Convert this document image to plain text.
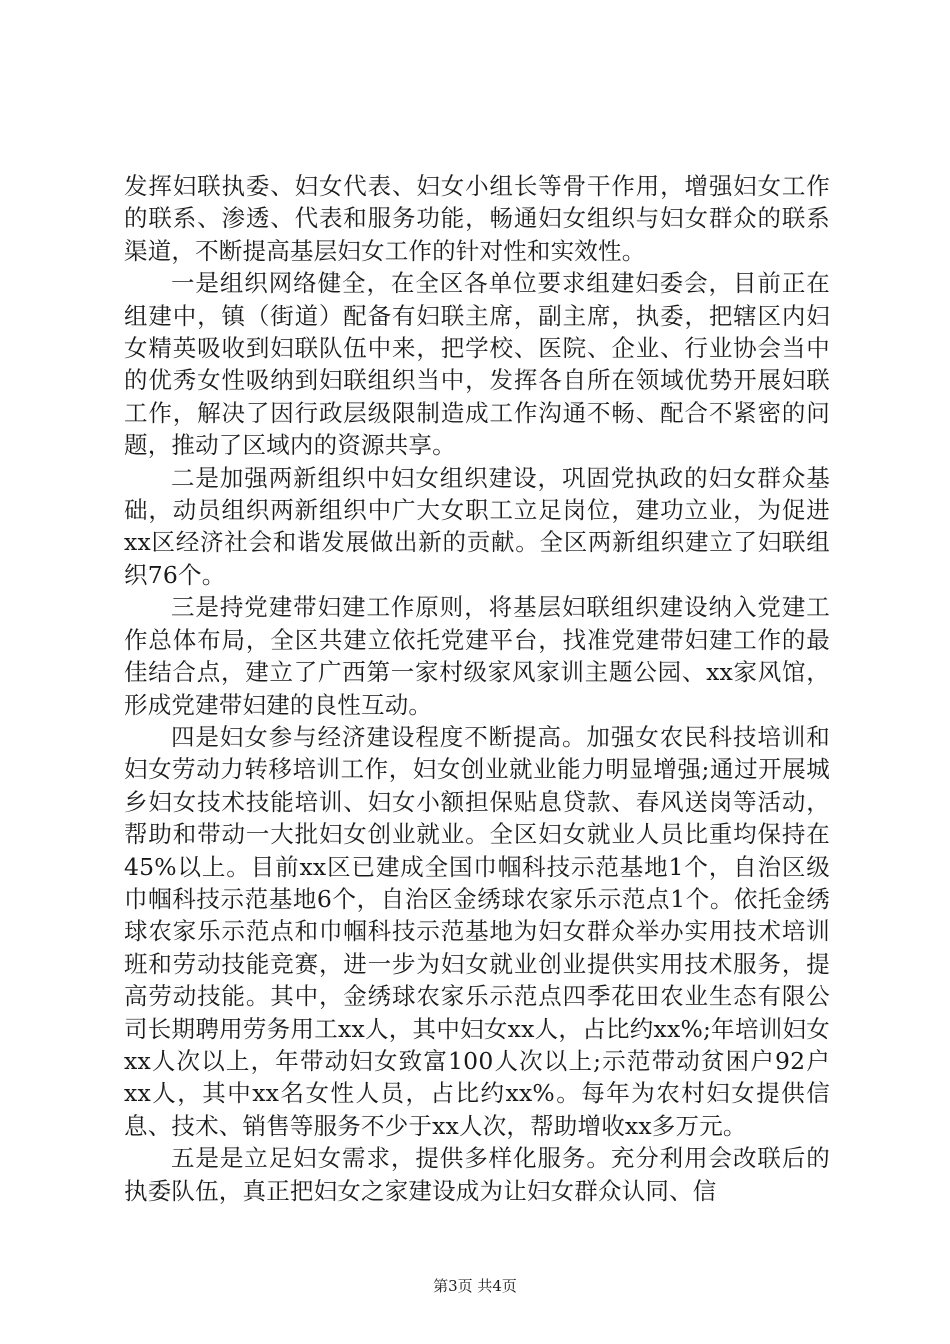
发挥妇联执委、妇女代表、妇女小组长等骨干作用，增强妇女工作的联系、渗透、代表和服务功能，畅通妇女组织与妇女群众的联系渠道，不断提高基层妇女工作的针对性和实效性。

一是组织网络健全，在全区各单位要求组建妇委会，目前正在组建中，镇（街道）配备有妇联主席，副主席，执委，把辖区内妇女精英吸收到妇联队伍中来，把学校、医院、企业、行业协会当中的优秀女性吸纳到妇联组织当中，发挥各自所在领域优势开展妇联工作，解决了因行政层级限制造成工作沟通不畅、配合不紧密的问题，推动了区域内的资源共享。

二是加强两新组织中妇女组织建设，巩固党执政的妇女群众基础，动员组织两新组织中广大女职工立足岗位，建功立业，为促进xx区经济社会和谐发展做出新的贡献。全区两新组织建立了妇联组织76个。

三是持党建带妇建工作原则，将基层妇联组织建设纳入党建工作总体布局，全区共建立依托党建平台，找准党建带妇建工作的最佳结合点，建立了广西第一家村级家风家训主题公园、xx家风馆，形成党建带妇建的良性互动。

四是妇女参与经济建设程度不断提高。加强女农民科技培训和妇女劳动力转移培训工作，妇女创业就业能力明显增强;通过开展城乡妇女技术技能培训、妇女小额担保贴息贷款、春风送岗等活动，帮助和带动一大批妇女创业就业。全区妇女就业人员比重均保持在45%以上。目前xx区已建成全国巾帼科技示范基地1个，自治区级巾帼科技示范基地6个，自治区金绣球农家乐示范点1个。依托金绣球农家乐示范点和巾帼科技示范基地为妇女群众举办实用技术培训班和劳动技能竞赛，进一步为妇女就业创业提供实用技术服务，提高劳动技能。其中，金绣球农家乐示范点四季花田农业生态有限公司长期聘用劳务用工xx人，其中妇女xx人，占比约xx%;年培训妇女xx人次以上，年带动妇女致富100人次以上;示范带动贫困户92户xx人，其中xx名女性人员，占比约xx%。每年为农村妇女提供信息、技术、销售等服务不少于xx人次，帮助增收xx多万元。

五是是立足妇女需求，提供多样化服务。充分利用会改联后的执委队伍，真正把妇女之家建设成为让妇女群众认同、信

第3页 共4页
